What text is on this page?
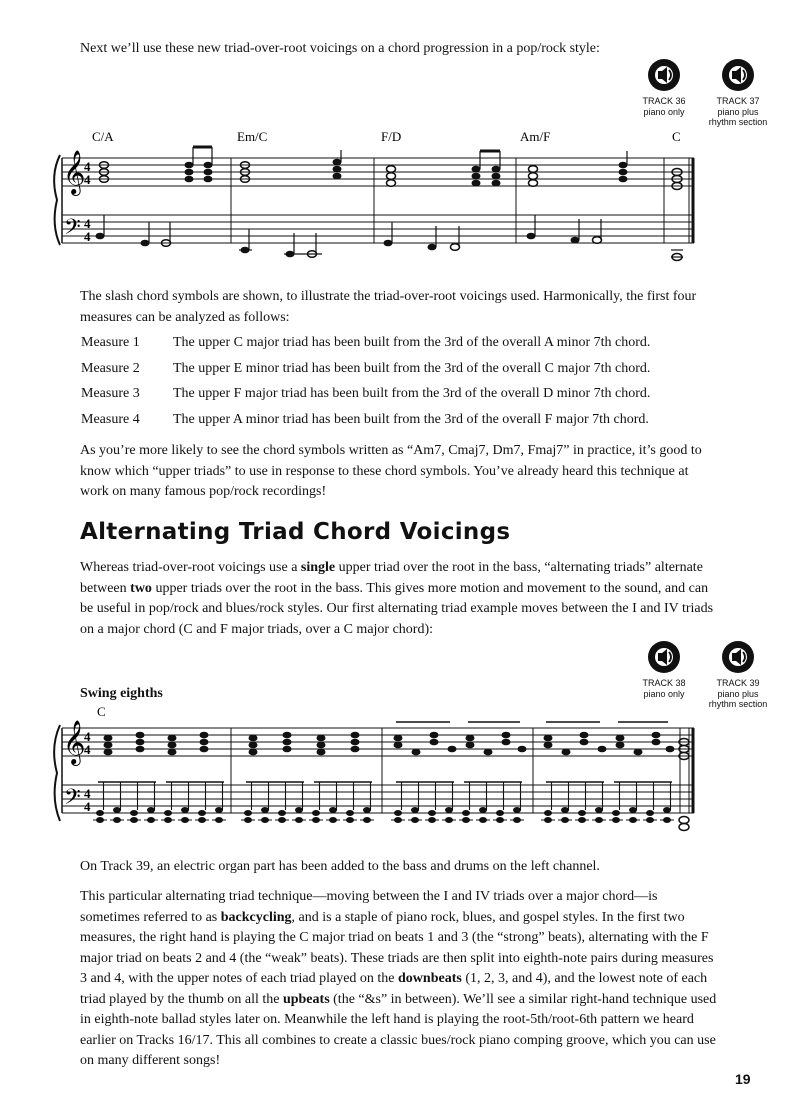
Next we’ll use these new triad-over-root voicings on a chord progression in a pop/rock style:
TRACK 36
piano only
TRACK 37
piano plus
rhythm section
C/A	Em/C	F/D	Am/F	C
𝄞
𝄢
4
4
4
4
The slash chord symbols are shown, to illustrate the triad-over-root voicings used. Harmonically, the first four measures can be analyzed as follows:
Measure 1	The upper C major triad has been built from the 3rd of the overall A minor 7th chord.
Measure 2	The upper E minor triad has been built from the 3rd of the overall C major 7th chord.
Measure 3	The upper F major triad has been built from the 3rd of the overall D minor 7th chord.
Measure 4	The upper A minor triad has been built from the 3rd of the overall F major 7th chord.
As you’re more likely to see the chord symbols written as “Am7, Cmaj7, Dm7, Fmaj7” in practice, it’s good to know which “upper triads” to use in response to these chord symbols. You’ve already heard this technique at work on many famous pop/rock recordings!
Alternating Triad Chord Voicings
Whereas triad-over-root voicings use a single upper triad over the root in the bass, “alternating triads” alternate between two upper triads over the root in the bass. This gives more motion and movement to the sound, and can be useful in pop/rock and blues/rock styles. Our first alternating triad example moves between the I and IV triads on a major chord (C and F major triads, over a C major chord):
TRACK 38
piano only
TRACK 39
piano plus
rhythm section
Swing eighths
C
𝄞
𝄢
4
4
4
4
On Track 39, an electric organ part has been added to the bass and drums on the left channel.
This particular alternating triad technique—moving between the I and IV triads over a major chord—is sometimes referred to as backcycling, and is a staple of piano rock, blues, and gospel styles. In the first two measures, the right hand is playing the C major triad on beats 1 and 3 (the “strong” beats), alternating with the F major triad on beats 2 and 4 (the “weak” beats). These triads are then split into eighth-note pairs during measures 3 and 4, with the upper notes of each triad played on the downbeats (1, 2, 3, and 4), and the lowest note of each triad played by the thumb on all the upbeats (the “&s” in between). We’ll see a similar right-hand technique used in eighth-note ballad styles later on. Meanwhile the left hand is playing the root-5th/root-6th pattern we heard earlier on Tracks 16/17. This all combines to create a classic bues/rock piano comping groove, which you can use on many different songs!
19
